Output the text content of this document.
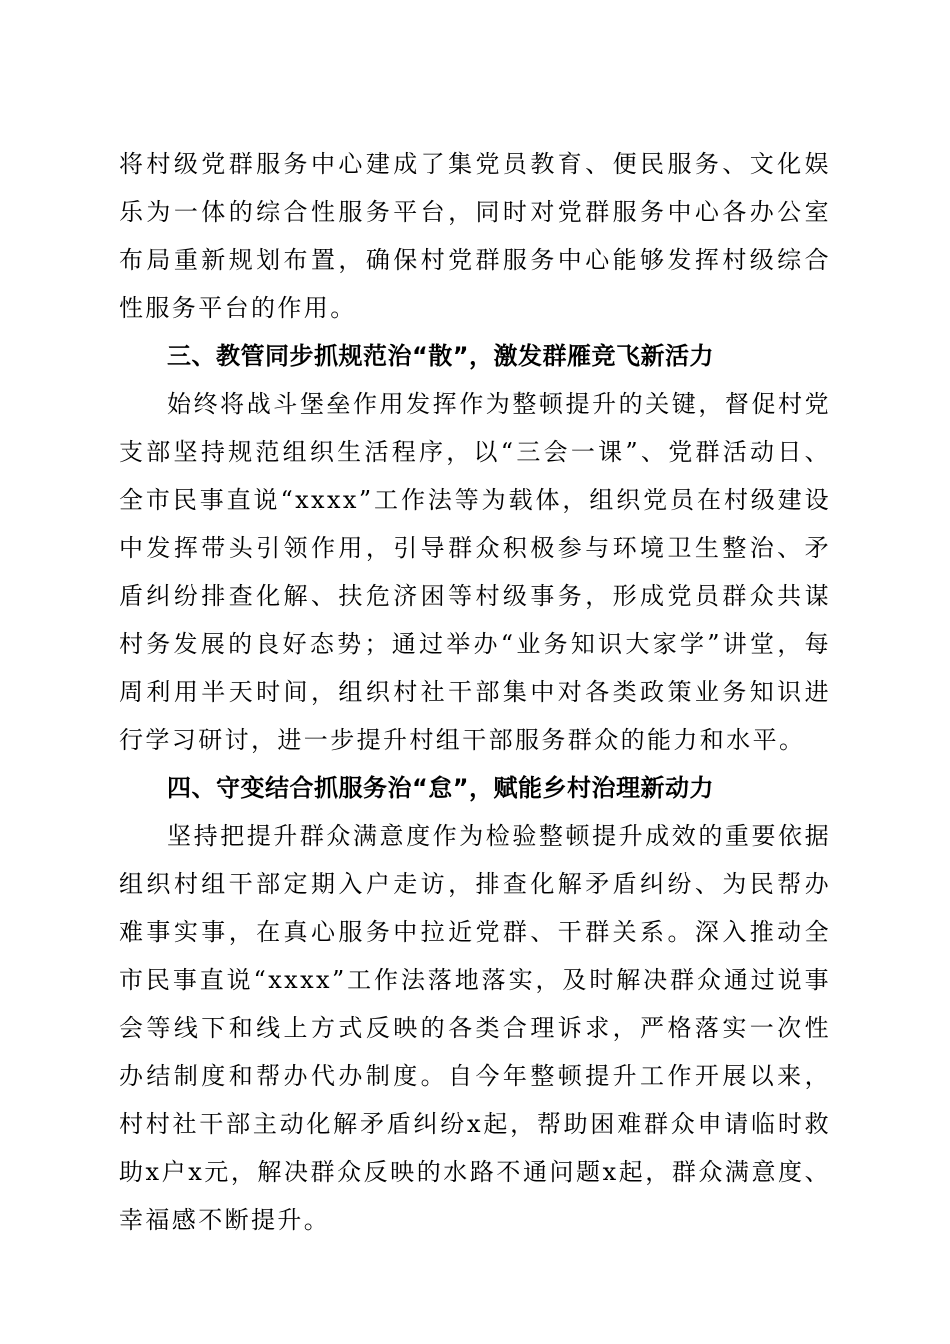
将村级党群服务中心建成了集党员教育、便民服务、文化娱乐为一体的综合性服务平台，同时对党群服务中心各办公室布局重新规划布置，确保村党群服务中心能够发挥村级综合性服务平台的作用。

三、教管同步抓规范治“散”，激发群雁竞飞新活力

始终将战斗堡垒作用发挥作为整顿提升的关键，督促村党支部坚持规范组织生活程序，以“三会一课”、党群活动日、全市民事直说“xxxx”工作法等为载体，组织党员在村级建设中发挥带头引领作用，引导群众积极参与环境卫生整治、矛盾纠纷排查化解、扶危济困等村级事务，形成党员群众共谋村务发展的良好态势；通过举办“业务知识大家学”讲堂，每周利用半天时间，组织村社干部集中对各类政策业务知识进行学习研讨，进一步提升村组干部服务群众的能力和水平。

四、守变结合抓服务治“怠”，赋能乡村治理新动力

坚持把提升群众满意度作为检验整顿提升成效的重要依据组织村组干部定期入户走访，排查化解矛盾纠纷、为民帮办难事实事，在真心服务中拉近党群、干群关系。深入推动全市民事直说“xxxx”工作法落地落实，及时解决群众通过说事会等线下和线上方式反映的各类合理诉求，严格落实一次性办结制度和帮办代办制度。自今年整顿提升工作开展以来，村村社干部主动化解矛盾纠纷x起，帮助困难群众申请临时救助x户x元，解决群众反映的水路不通问题x起，群众满意度、幸福感不断提升。
